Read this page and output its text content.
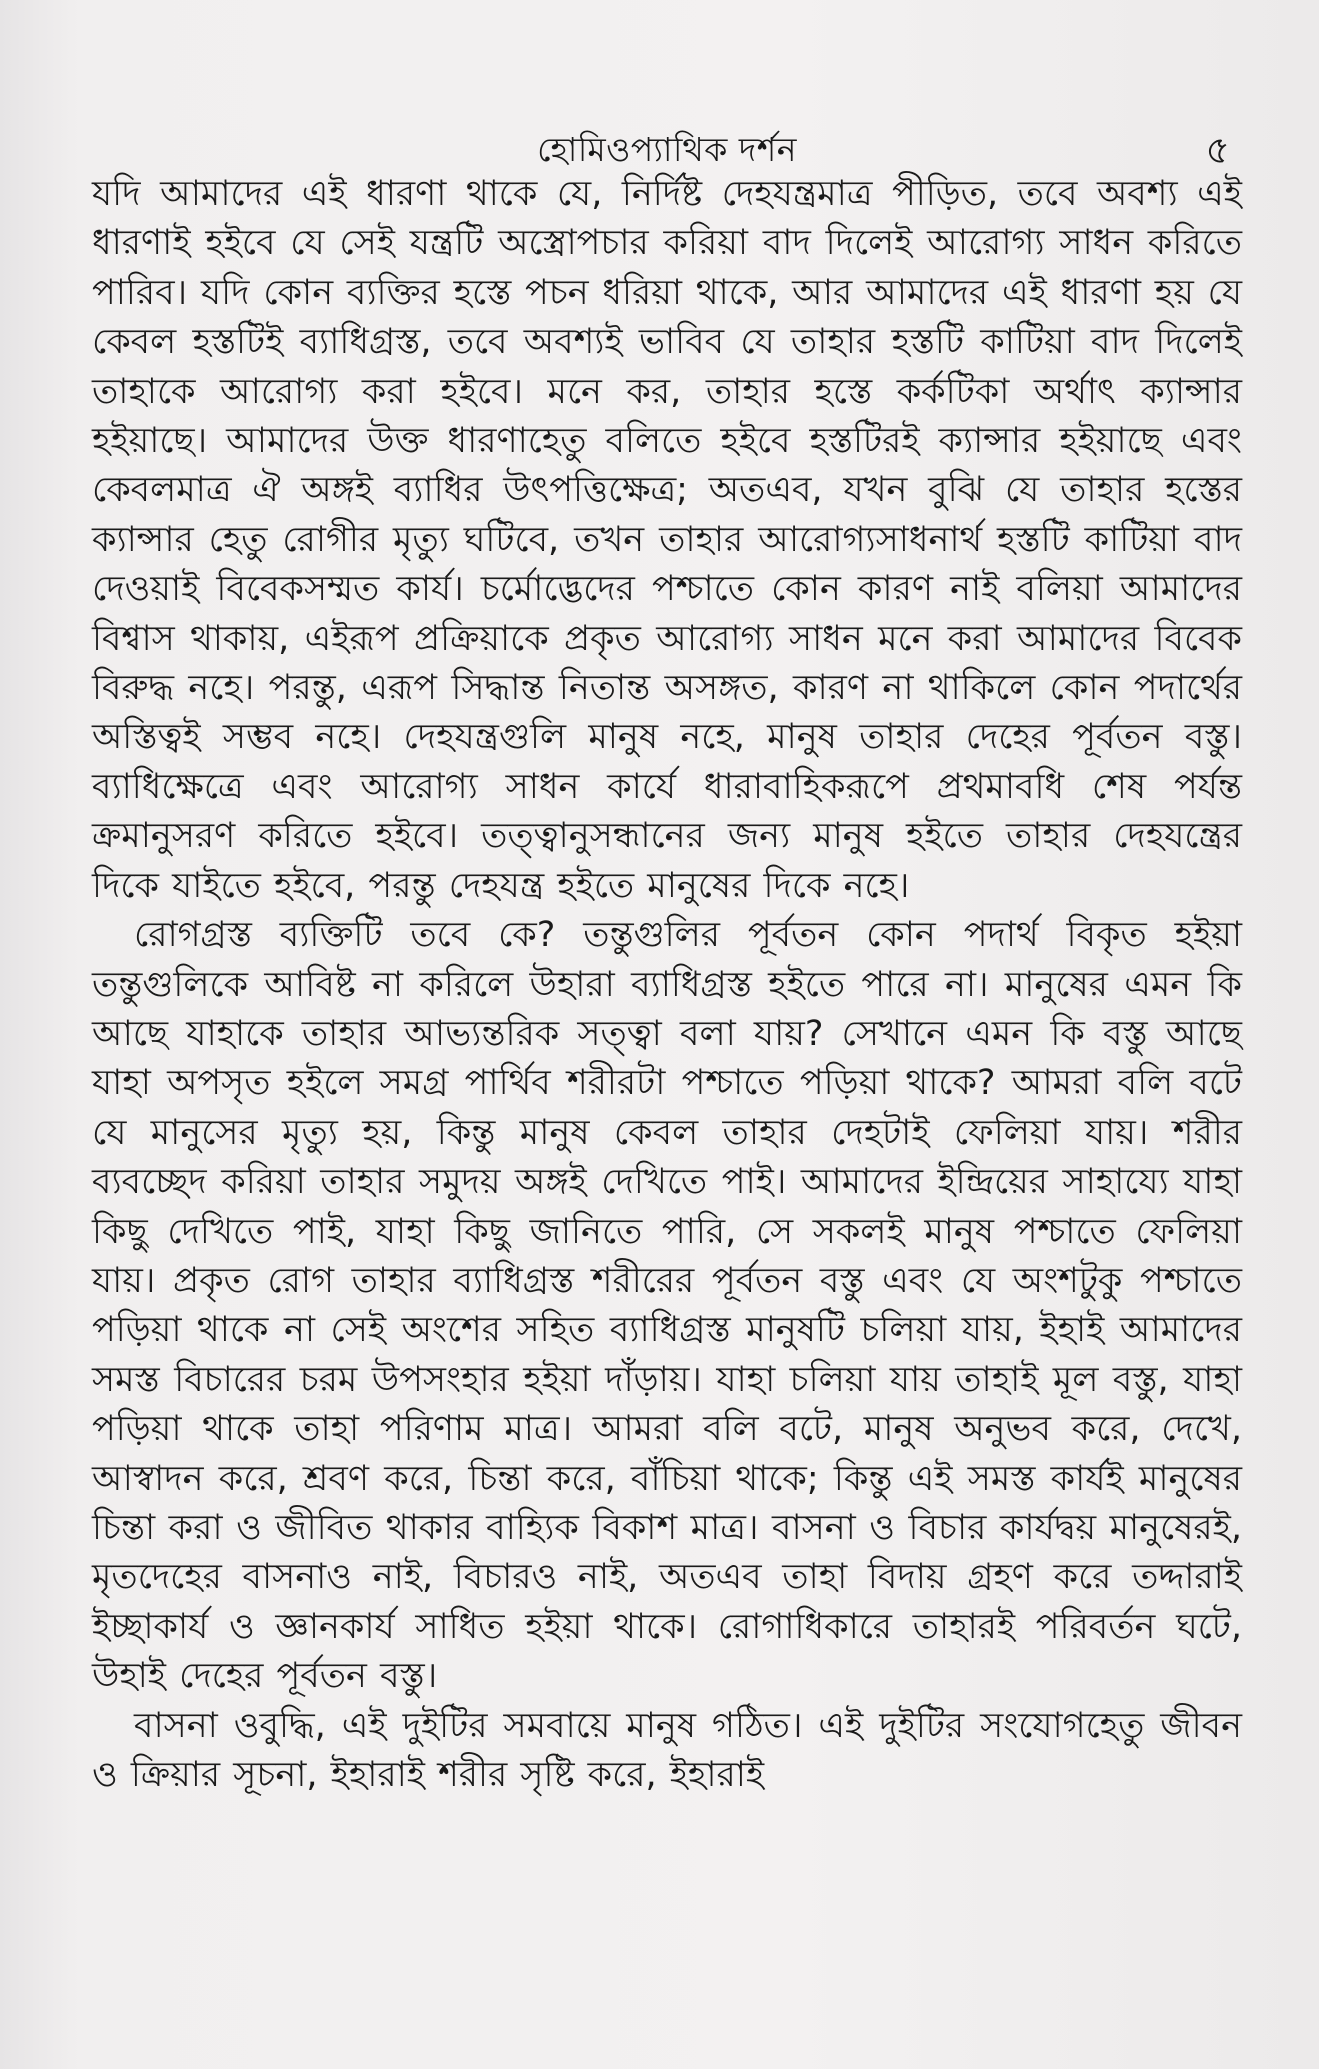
হোমিওপ্যাথিক দর্শন	৫

যদি আমাদের এই ধারণা থাকে যে, নির্দিষ্ট দেহযন্ত্রমাত্র পীড়িত, তবে অবশ্য এই ধারণাই হইবে যে সেই যন্ত্রটি অস্ত্রোপচার করিয়া বাদ দিলেই আরোগ্য সাধন করিতে পারিব। যদি কোন ব্যক্তির হস্তে পচন ধরিয়া থাকে, আর আমাদের এই ধারণা হয় যে কেবল হস্তটিই ব্যাধিগ্রস্ত, তবে অবশ্যই ভাবিব যে তাহার হস্তটি কাটিয়া বাদ দিলেই তাহাকে আরোগ্য করা হইবে। মনে কর, তাহার হস্তে কর্কটিকা অর্থাৎ ক্যান্সার হইয়াছে। আমাদের উক্ত ধারণাহেতু বলিতে হইবে হস্তটিরই ক্যান্সার হইয়াছে এবং কেবলমাত্র ঐ অঙ্গই ব্যাধির উৎপত্তিক্ষেত্র; অতএব, যখন বুঝি যে তাহার হস্তের ক্যান্সার হেতু রোগীর মৃত্যু ঘটিবে, তখন তাহার আরোগ্যসাধনার্থ হস্তটি কাটিয়া বাদ দেওয়াই বিবেকসম্মত কার্য। চর্মোদ্ভেদের পশ্চাতে কোন কারণ নাই বলিয়া আমাদের বিশ্বাস থাকায়, এইরূপ প্রক্রিয়াকে প্রকৃত আরোগ্য সাধন মনে করা আমাদের বিবেক বিরুদ্ধ নহে। পরন্তু, এরূপ সিদ্ধান্ত নিতান্ত অসঙ্গত, কারণ না থাকিলে কোন পদার্থের অস্তিত্বই সম্ভব নহে। দেহযন্ত্রগুলি মানুষ নহে, মানুষ তাহার দেহের পূর্বতন বস্তু। ব্যাধিক্ষেত্রে এবং আরোগ্য সাধন কার্যে ধারাবাহিকরূপে প্রথমাবধি শেষ পর্যন্ত ক্রমানুসরণ করিতে হইবে। তত্ত্বানুসন্ধানের জন্য মানুষ হইতে তাহার দেহযন্ত্রের দিকে যাইতে হইবে, পরন্তু দেহযন্ত্র হইতে মানুষের দিকে নহে।

রোগগ্রস্ত ব্যক্তিটি তবে কে? তন্তুগুলির পূর্বতন কোন পদার্থ বিকৃত হইয়া তন্তুগুলিকে আবিষ্ট না করিলে উহারা ব্যাধিগ্রস্ত হইতে পারে না। মানুষের এমন কি আছে যাহাকে তাহার আভ্যন্তরিক সত্ত্বা বলা যায়? সেখানে এমন কি বস্তু আছে যাহা অপসৃত হইলে সমগ্র পার্থিব শরীরটা পশ্চাতে পড়িয়া থাকে? আমরা বলি বটে যে মানুসের মৃত্যু হয়, কিন্তু মানুষ কেবল তাহার দেহটাই ফেলিয়া যায়। শরীর ব্যবচ্ছেদ করিয়া তাহার সমুদয় অঙ্গই দেখিতে পাই। আমাদের ইন্দ্রিয়ের সাহায্যে যাহা কিছু দেখিতে পাই, যাহা কিছু জানিতে পারি, সে সকলই মানুষ পশ্চাতে ফেলিয়া যায়। প্রকৃত রোগ তাহার ব্যাধিগ্রস্ত শরীরের পূর্বতন বস্তু এবং যে অংশটুকু পশ্চাতে পড়িয়া থাকে না সেই অংশের সহিত ব্যাধিগ্রস্ত মানুষটি চলিয়া যায়, ইহাই আমাদের সমস্ত বিচারের চরম উপসংহার হইয়া দাঁড়ায়। যাহা চলিয়া যায় তাহাই মূল বস্তু, যাহা পড়িয়া থাকে তাহা পরিণাম মাত্র। আমরা বলি বটে, মানুষ অনুভব করে, দেখে, আস্বাদন করে, শ্রবণ করে, চিন্তা করে, বাঁচিয়া থাকে; কিন্তু এই সমস্ত কার্যই মানুষের চিন্তা করা ও জীবিত থাকার বাহ্যিক বিকাশ মাত্র। বাসনা ও বিচার কার্যদ্বয় মানুষেরই, মৃতদেহের বাসনাও নাই, বিচারও নাই, অতএব তাহা বিদায় গ্রহণ করে তদ্দারাই ইচ্ছাকার্য ও জ্ঞানকার্য সাধিত হইয়া থাকে। রোগাধিকারে তাহারই পরিবর্তন ঘটে, উহাই দেহের পূর্বতন বস্তু।

বাসনা ওবুদ্ধি, এই দুইটির সমবায়ে মানুষ গঠিত। এই দুইটির সংযোগহেতু জীবন ও ক্রিয়ার সূচনা, ইহারাই শরীর সৃষ্টি করে, ইহারাই
